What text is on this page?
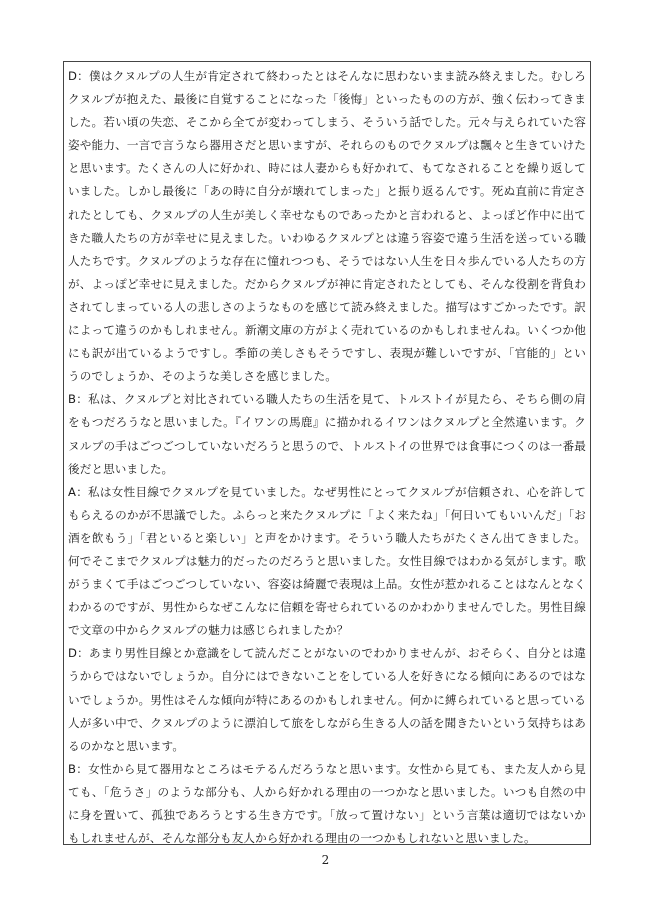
D：僕はクヌルプの人生が肯定されて終わったとはそんなに思わないまま読み終えました。むしろクヌルプが抱えた、最後に自覚することになった「後悔」といったものの方が、強く伝わってきました。若い頃の失恋、そこから全てが変わってしまう、そういう話でした。元々与えられていた容姿や能力、一言で言うなら器用さだと思いますが、それらのものでクヌルプは飄々と生きていけたと思います。たくさんの人に好かれ、時には人妻からも好かれて、もてなされることを繰り返していました。しかし最後に「あの時に自分が壊れてしまった」と振り返るんです。死ぬ直前に肯定されたとしても、クヌルプの人生が美しく幸せなものであったかと言われると、よっぽど作中に出てきた職人たちの方が幸せに見えました。いわゆるクヌルプとは違う容姿で違う生活を送っている職人たちです。クヌルプのような存在に憧れつつも、そうではない人生を日々歩んでいる人たちの方が、よっぽど幸せに見えました。だからクヌルプが神に肯定されたとしても、そんな役割を背負わされてしまっている人の悲しさのようなものを感じて読み終えました。描写はすごかったです。訳によって違うのかもしれません。新潮文庫の方がよく売れているのかもしれませんね。いくつか他にも訳が出ているようですし。季節の美しさもそうですし、表現が難しいですが、「官能的」というのでしょうか、そのような美しさを感じました。

B：私は、クヌルプと対比されている職人たちの生活を見て、トルストイが見たら、そちら側の肩をもつだろうなと思いました。『イワンの馬鹿』に描かれるイワンはクヌルプと全然違います。クヌルプの手はごつごつしていないだろうと思うので、トルストイの世界では食事につくのは一番最後だと思いました。

A：私は女性目線でクヌルプを見ていました。なぜ男性にとってクヌルプが信頼され、心を許してもらえるのかが不思議でした。ふらっと来たクヌルプに「よく来たね」「何日いてもいいんだ」「お酒を飲もう」「君といると楽しい」と声をかけます。そういう職人たちがたくさん出てきました。何でそこまでクヌルプは魅力的だったのだろうと思いました。女性目線ではわかる気がします。歌がうまくて手はごつごつしていない、容姿は綺麗で表現は上品。女性が惹かれることはなんとなくわかるのですが、男性からなぜこんなに信頼を寄せられているのかわかりませんでした。男性目線で文章の中からクヌルプの魅力は感じられましたか？

D：あまり男性目線とか意識をして読んだことがないのでわかりませんが、おそらく、自分とは違うからではないでしょうか。自分にはできないことをしている人を好きになる傾向にあるのではないでしょうか。男性はそんな傾向が特にあるのかもしれません。何かに縛られていると思っている人が多い中で、クヌルプのように漂泊して旅をしながら生きる人の話を聞きたいという気持ちはあるのかなと思います。

B：女性から見て器用なところはモテるんだろうなと思います。女性から見ても、また友人から見ても、「危うさ」のような部分も、人から好かれる理由の一つかなと思いました。いつも自然の中に身を置いて、孤独であろうとする生き方です。「放って置けない」という言葉は適切ではないかもしれませんが、そんな部分も友人から好かれる理由の一つかもしれないと思いました。

2
